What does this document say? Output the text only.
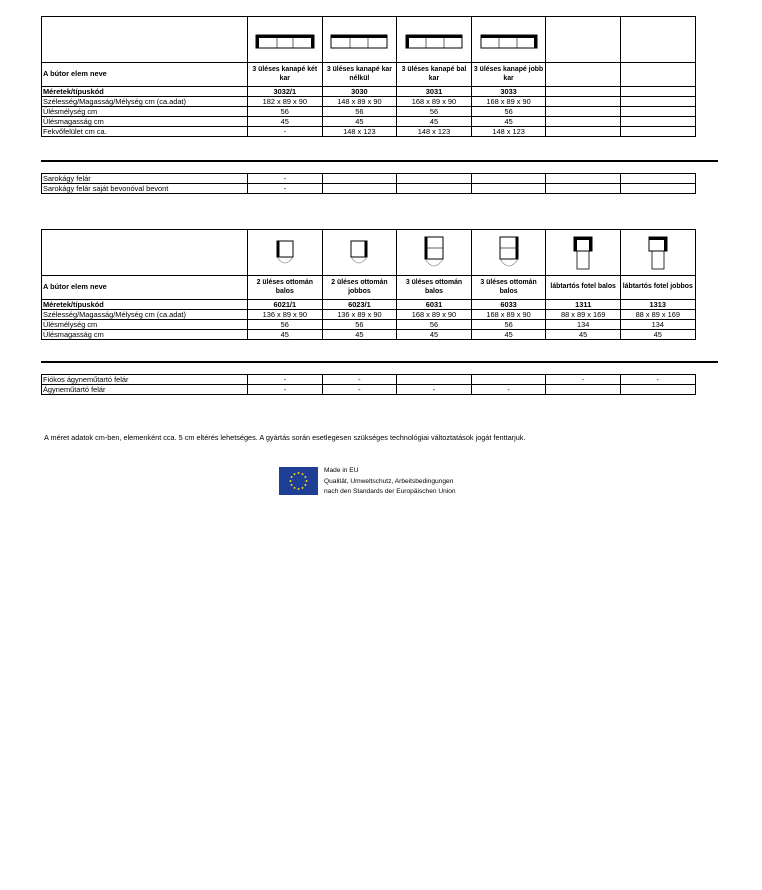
A bútor elem neve	3 üléses kanapé két kar	3 üléses kanapé kar nélkül	3 üléses kanapé bal kar	3 üléses kanapé jobb kar		
Méretek/típuskód	3032/1	3030	3031	3033		
Szélesség/Magasság/Mélység cm (ca.adat)	182 x 89 x 90	148 x 89 x 90	168 x 89 x 90	168 x 89 x 90		
Ülésmélység cm	56	56	56	56		
Ülésmagasság cm	45	45	45	45		
Fekvőfelület cm ca.	-	148 x 123	148 x 123	148 x 123		
Sarokágy felár	-					
Sarokágy felár saját bevonóval bevont	-					

A bútor elem neve	2 üléses ottomán balos	2 üléses ottomán jobbos	3 üléses ottomán balos	3 üléses ottomán balos	lábtartós fotel balos	lábtartós fotel jobbos
Méretek/típuskód	6021/1	6023/1	6031	6033	1311	1313
Szélesség/Magasság/Mélység cm (ca.adat)	136 x 89 x 90	136 x 89 x 90	168 x 89 x 90	168 x 89 x 90	88 x 89 x 169	88 x 89 x 169
Ülésmélység cm	56	56	56	56	134	134
Ülésmagasság cm	45	45	45	45	45	45
Fiókos ágyneműtartó felár	-	-			-	-
Ágyneműtartó felár	-	-	-	-		
A méret adatok cm-ben, elemenként cca. 5 cm eltérés lehetséges. A gyártás során esetlegesen szükséges technológiai változtatások jogát fenttarjuk.
Made in EU
Qualität, Umweltschutz, Arbeitsbedingungen
nach den Standards der Europäischen Union
